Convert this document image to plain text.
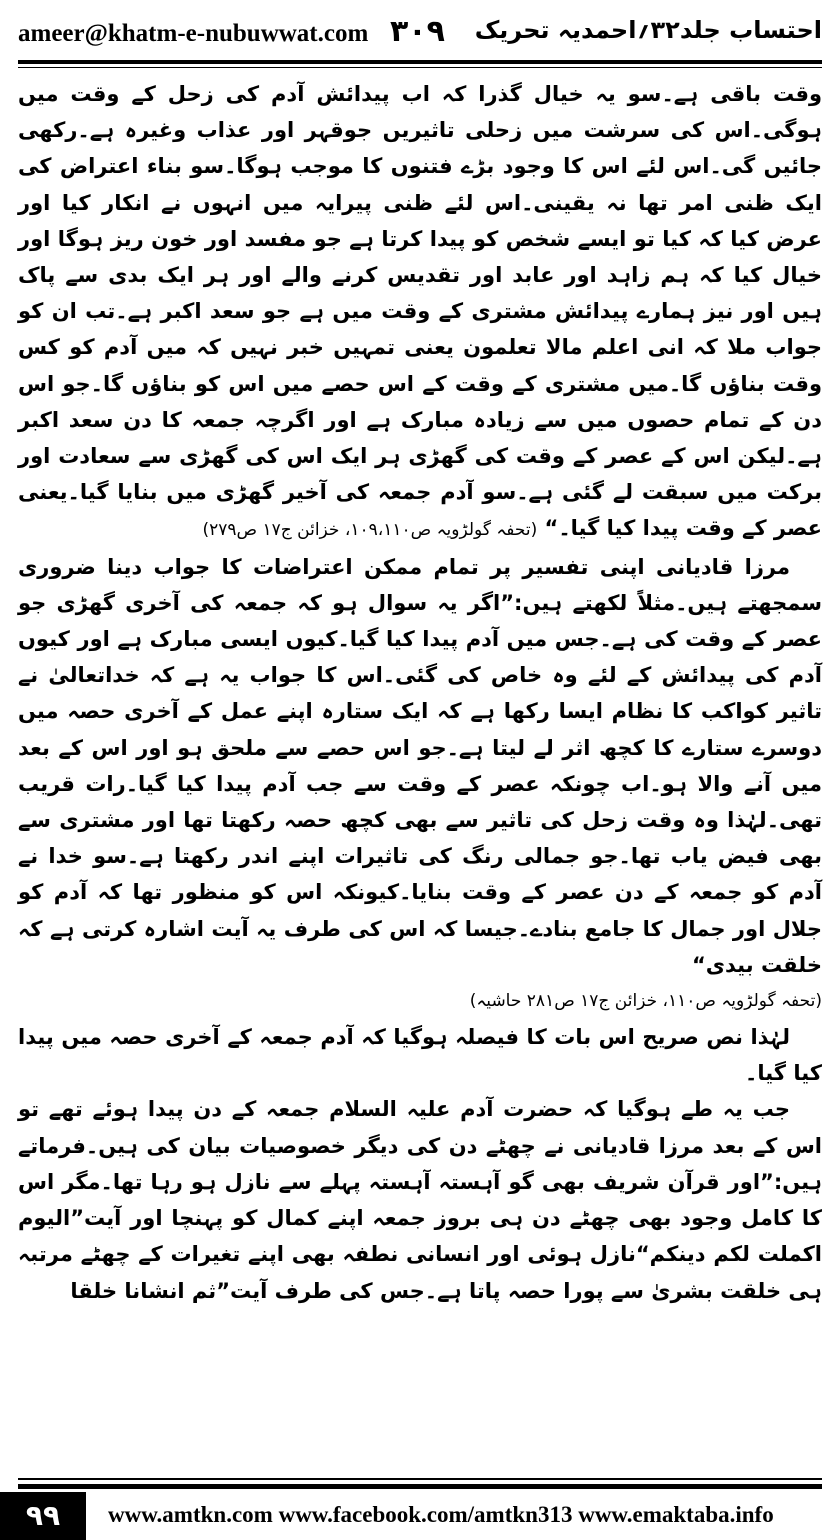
ameer@khatm-e-nubuwwat.com ۳۰۹ احتساب جلد۳۲؍احمدیہ تحریک

وقت باقی ہے۔سو یہ خیال گذرا کہ اب پیدائش آدم کی زحل کے وقت میں ہوگی۔اس کی سرشت میں زحلی تاثیریں جوقہر اور عذاب وغیرہ ہے۔رکھی جائیں گی۔اس لئے اس کا وجود بڑے فتنوں کا موجب ہوگا۔سو بناء اعتراض کی ایک ظنی امر تھا نہ یقینی۔اس لئے ظنی پیرایہ میں انہوں نے انکار کیا اور عرض کیا کہ کیا تو ایسے شخص کو پیدا کرتا ہے جو مفسد اور خون ریز ہوگا اور خیال کیا کہ ہم زاہد اور عابد اور تقدیس کرنے والے اور ہر ایک بدی سے پاک ہیں اور نیز ہمارے پیدائش مشتری کے وقت میں ہے جو سعد اکبر ہے۔تب ان کو جواب ملا کہ انی اعلم مالا تعلمون یعنی تمہیں خبر نہیں کہ میں آدم کو کس وقت بناؤں گا۔میں مشتری کے وقت کے اس حصے میں اس کو بناؤں گا۔جو اس دن کے تمام حصوں میں سے زیادہ مبارک ہے اور اگرچہ جمعہ کا دن سعد اکبر ہے۔لیکن اس کے عصر کے وقت کی گھڑی ہر ایک اس کی گھڑی سے سعادت اور برکت میں سبقت لے گئی ہے۔سو آدم جمعہ کی آخیر گھڑی میں بنایا گیا۔یعنی عصر کے وقت پیدا کیا گیا۔“ (تحفہ گولڑویہ ص۱۰۹،۱۱۰، خزائن ج۱۷ ص۲۷۹)

مرزا قادیانی اپنی تفسیر پر تمام ممکن اعتراضات کا جواب دینا ضروری سمجھتے ہیں۔مثلاً لکھتے ہیں:”اگر یہ سوال ہو کہ جمعہ کی آخری گھڑی جو عصر کے وقت کی ہے۔جس میں آدم پیدا کیا گیا۔کیوں ایسی مبارک ہے اور کیوں آدم کی پیدائش کے لئے وہ خاص کی گئی۔اس کا جواب یہ ہے کہ خداتعالیٰ نے تاثیر کواکب کا نظام ایسا رکھا ہے کہ ایک ستارہ اپنے عمل کے آخری حصہ میں دوسرے ستارے کا کچھ اثر لے لیتا ہے۔جو اس حصے سے ملحق ہو اور اس کے بعد میں آنے والا ہو۔اب چونکہ عصر کے وقت سے جب آدم پیدا کیا گیا۔رات قریب تھی۔لہٰذا وہ وقت زحل کی تاثیر سے بھی کچھ حصہ رکھتا تھا اور مشتری سے بھی فیض یاب تھا۔جو جمالی رنگ کی تاثیرات اپنے اندر رکھتا ہے۔سو خدا نے آدم کو جمعہ کے دن عصر کے وقت بنایا۔کیونکہ اس کو منظور تھا کہ آدم کو جلال اور جمال کا جامع بنادے۔جیسا کہ اس کی طرف یہ آیت اشارہ کرتی ہے کہ خلقت بیدی“

(تحفہ گولڑویہ ص۱۱۰، خزائن ج۱۷ ص۲۸۱ حاشیہ)

لہٰذا نص صریح اس بات کا فیصلہ ہوگیا کہ آدم جمعہ کے آخری حصہ میں پیدا کیا گیا۔

جب یہ طے ہوگیا کہ حضرت آدم علیہ السلام جمعہ کے دن پیدا ہوئے تھے تو اس کے بعد مرزا قادیانی نے چھٹے دن کی دیگر خصوصیات بیان کی ہیں۔فرماتے ہیں:”اور قرآن شریف بھی گو آہستہ آہستہ پہلے سے نازل ہو رہا تھا۔مگر اس کا کامل وجود بھی چھٹے دن ہی بروز جمعہ اپنے کمال کو پہنچا اور آیت”الیوم اکملت لکم دینکم“نازل ہوئی اور انسانی نطفہ بھی اپنے تغیرات کے چھٹے مرتبہ ہی خلقت بشریٰ سے پورا حصہ پاتا ہے۔جس کی طرف آیت”ثم انشانا خلقا

۹۹	www.amtkn.com www.facebook.com/amtkn313 www.emaktaba.info
